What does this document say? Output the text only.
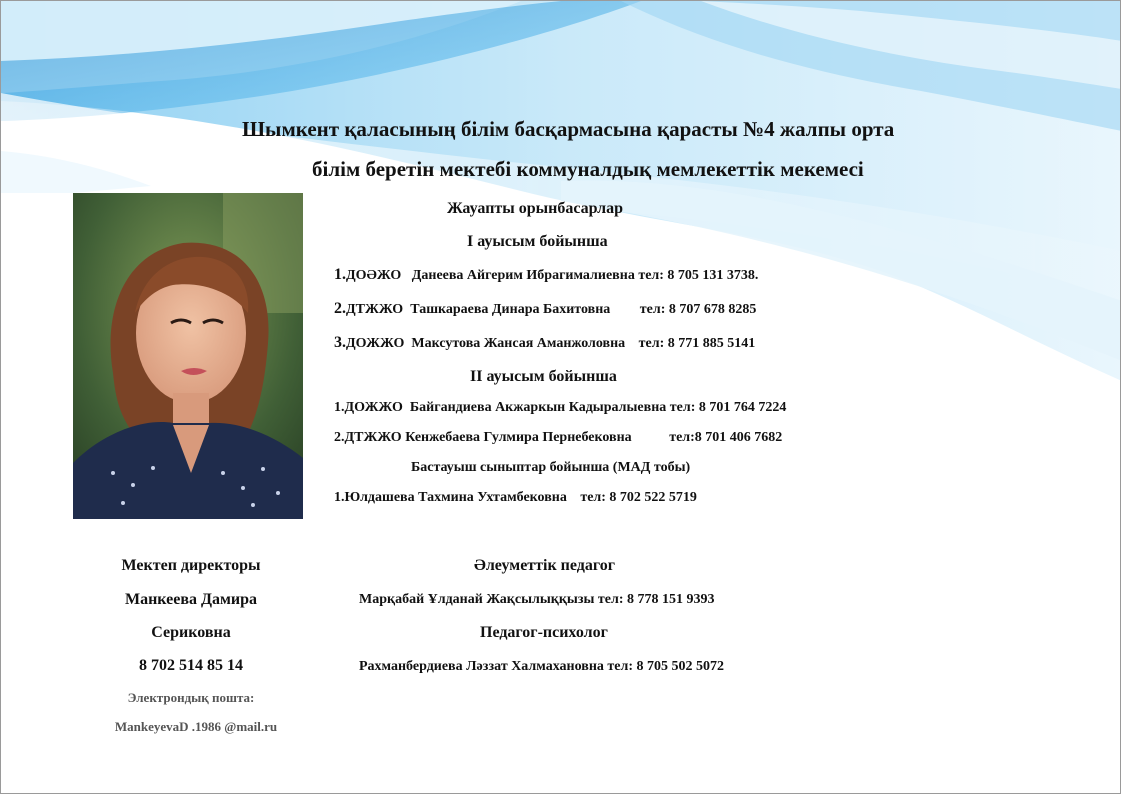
Шымкент қаласының білім басқармасына қарасты №4 жалпы орта
білім беретін мектебі коммуналдық мемлекеттік мекемесі
Жауапты орынбасарлар
І ауысым бойынша
1.ДОӘЖО Данеева Айгерим Ибрагималиевна тел: 8 705 131 3738.
2.ДТЖЖО Ташкараева Динара Бахитовна тел: 8 707 678 8285
3.ДОЖЖО Максутова Жансая Аманжоловна тел: 8 771 885 5141
ІІ ауысым бойынша
1.ДОЖЖО Байгандиева Акжаркын Кадыралыевна тел: 8 701 764 7224
2.ДТЖЖО Кенжебаева Гулмира Пернебековна	тел:8 701 406 7682
Бастауыш сыныптар бойынша (МАД тобы)
1.Юлдашева Тахмина Ухтамбековна тел: 8 702 522 5719
Мектеп директоры
Манкеева Дамира
Сериковна
8 702 514 85 14
Электрондық пошта:
MankeyevaD .1986 @mail.ru
Әлеуметтік педагог
Марқабай Ұлданай Жақсылыққызы тел: 8 778 151 9393
Педагог-психолог
Рахманбердиева Ләззат Халмахановна тел: 8 705 502 5072
